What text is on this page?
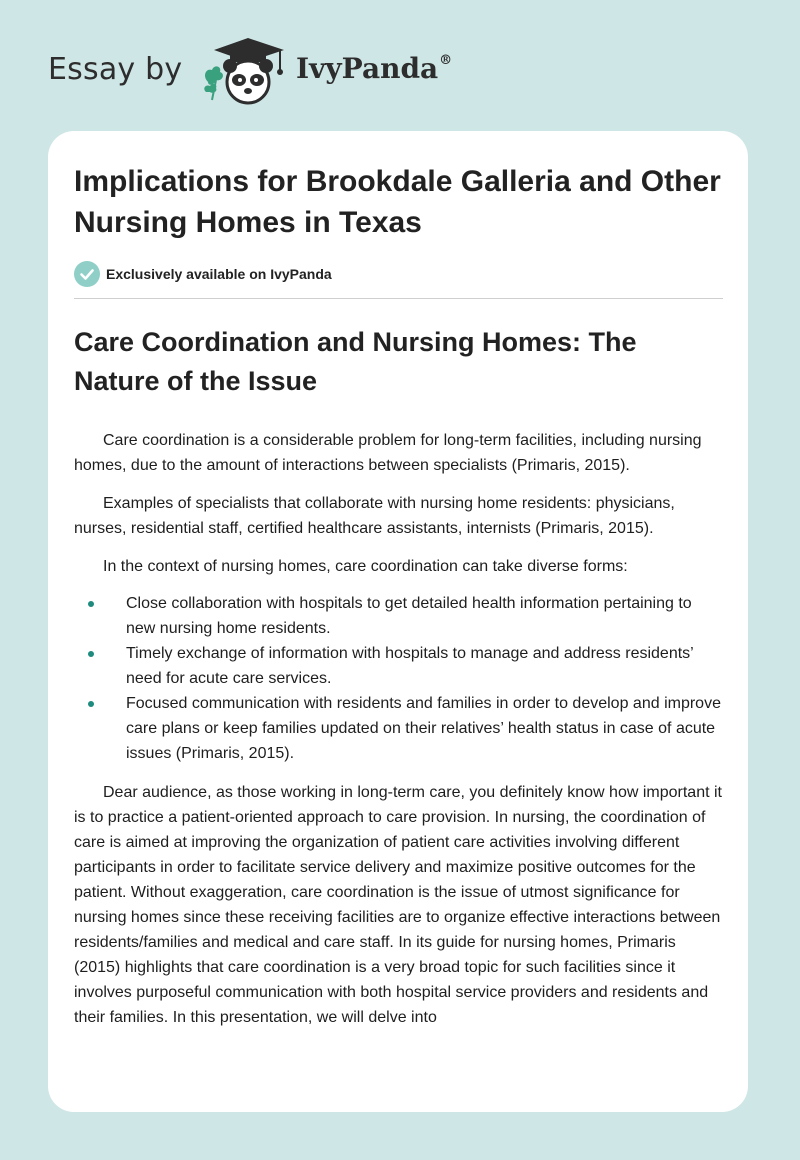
Essay by	IvyPanda®
Implications for Brookdale Galleria and Other Nursing Homes in Texas
Exclusively available on IvyPanda
Care Coordination and Nursing Homes: The Nature of the Issue

Care coordination is a considerable problem for long-term facilities, including nursing homes, due to the amount of interactions between specialists (Primaris, 2015).

Examples of specialists that collaborate with nursing home residents: physicians, nurses, residential staff, certified healthcare assistants, internists (Primaris, 2015).

In the context of nursing homes, care coordination can take diverse forms:

Close collaboration with hospitals to get detailed health information pertaining to new nursing home residents.
Timely exchange of information with hospitals to manage and address residents’ need for acute care services.
Focused communication with residents and families in order to develop and improve care plans or keep families updated on their relatives’ health status in case of acute issues (Primaris, 2015).

Dear audience, as those working in long-term care, you definitely know how important it is to practice a patient-oriented approach to care provision. In nursing, the coordination of care is aimed at improving the organization of patient care activities involving different participants in order to facilitate service delivery and maximize positive outcomes for the patient. Without exaggeration, care coordination is the issue of utmost significance for nursing homes since these receiving facilities are to organize effective interactions between residents/families and medical and care staff. In its guide for nursing homes, Primaris (2015) highlights that care coordination is a very broad topic for such facilities since it involves purposeful communication with both hospital service providers and residents and their families. In this presentation, we will delve into
